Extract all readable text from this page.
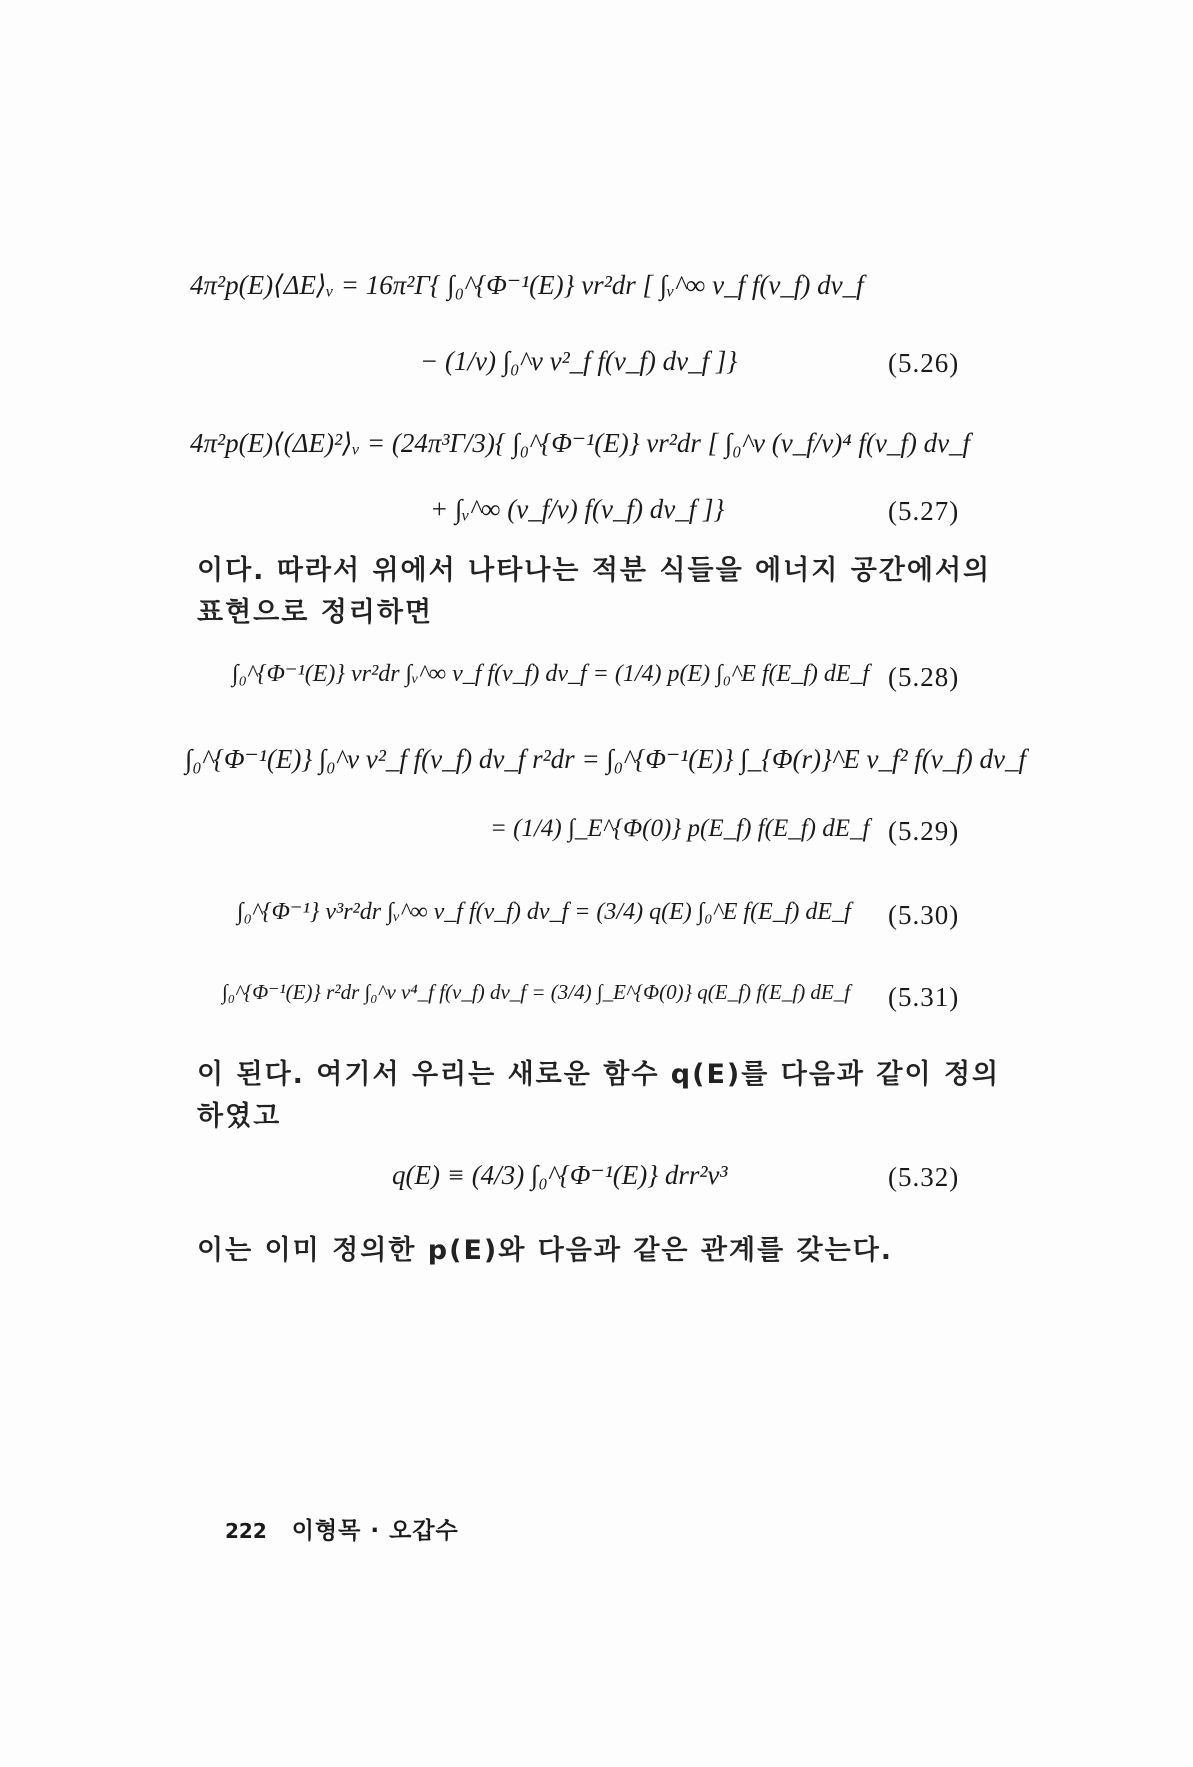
4π²p(E)⟨ΔE⟩ᵥ = 16π²Γ{ ∫₀^{Φ⁻¹(E)} vr²dr [ ∫ᵥ^∞ v_f f(v_f) dv_f
− (1/v) ∫₀^v v²_f f(v_f) dv_f ]}	(5.26)
4π²p(E)⟨(ΔE)²⟩ᵥ = (24π³Γ/3){ ∫₀^{Φ⁻¹(E)} vr²dr [ ∫₀^v (v_f/v)⁴ f(v_f) dv_f
+ ∫ᵥ^∞ (v_f/v) f(v_f) dv_f ]}	(5.27)
이다. 따라서 위에서 나타나는 적분 식들을 에너지 공간에서의
표현으로 정리하면
∫₀^{Φ⁻¹(E)} vr²dr ∫ᵥ^∞ v_f f(v_f) dv_f = (1/4) p(E) ∫₀^E f(E_f) dE_f (5.28)
∫₀^{Φ⁻¹(E)} ∫₀^v v²_f f(v_f) dv_f r²dr = ∫₀^{Φ⁻¹(E)} ∫_{Φ(r)}^E v_f² f(v_f) dv_f
= (1/4) ∫_E^{Φ(0)} p(E_f) f(E_f) dE_f (5.29)
∫₀^{Φ⁻¹} v³r²dr ∫ᵥ^∞ v_f f(v_f) dv_f = (3/4) q(E) ∫₀^E f(E_f) dE_f (5.30)
∫₀^{Φ⁻¹(E)} r²dr ∫₀^v v⁴_f f(v_f) dv_f = (3/4) ∫_E^{Φ(0)} q(E_f) f(E_f) dE_f (5.31)
이 된다. 여기서 우리는 새로운 함수 q(E)를 다음과 같이 정의
하였고
q(E) ≡ (4/3) ∫₀^{Φ⁻¹(E)} drr²v³	(5.32)
이는 이미 정의한 p(E)와 다음과 같은 관계를 갖는다.
222 이형목 · 오갑수
